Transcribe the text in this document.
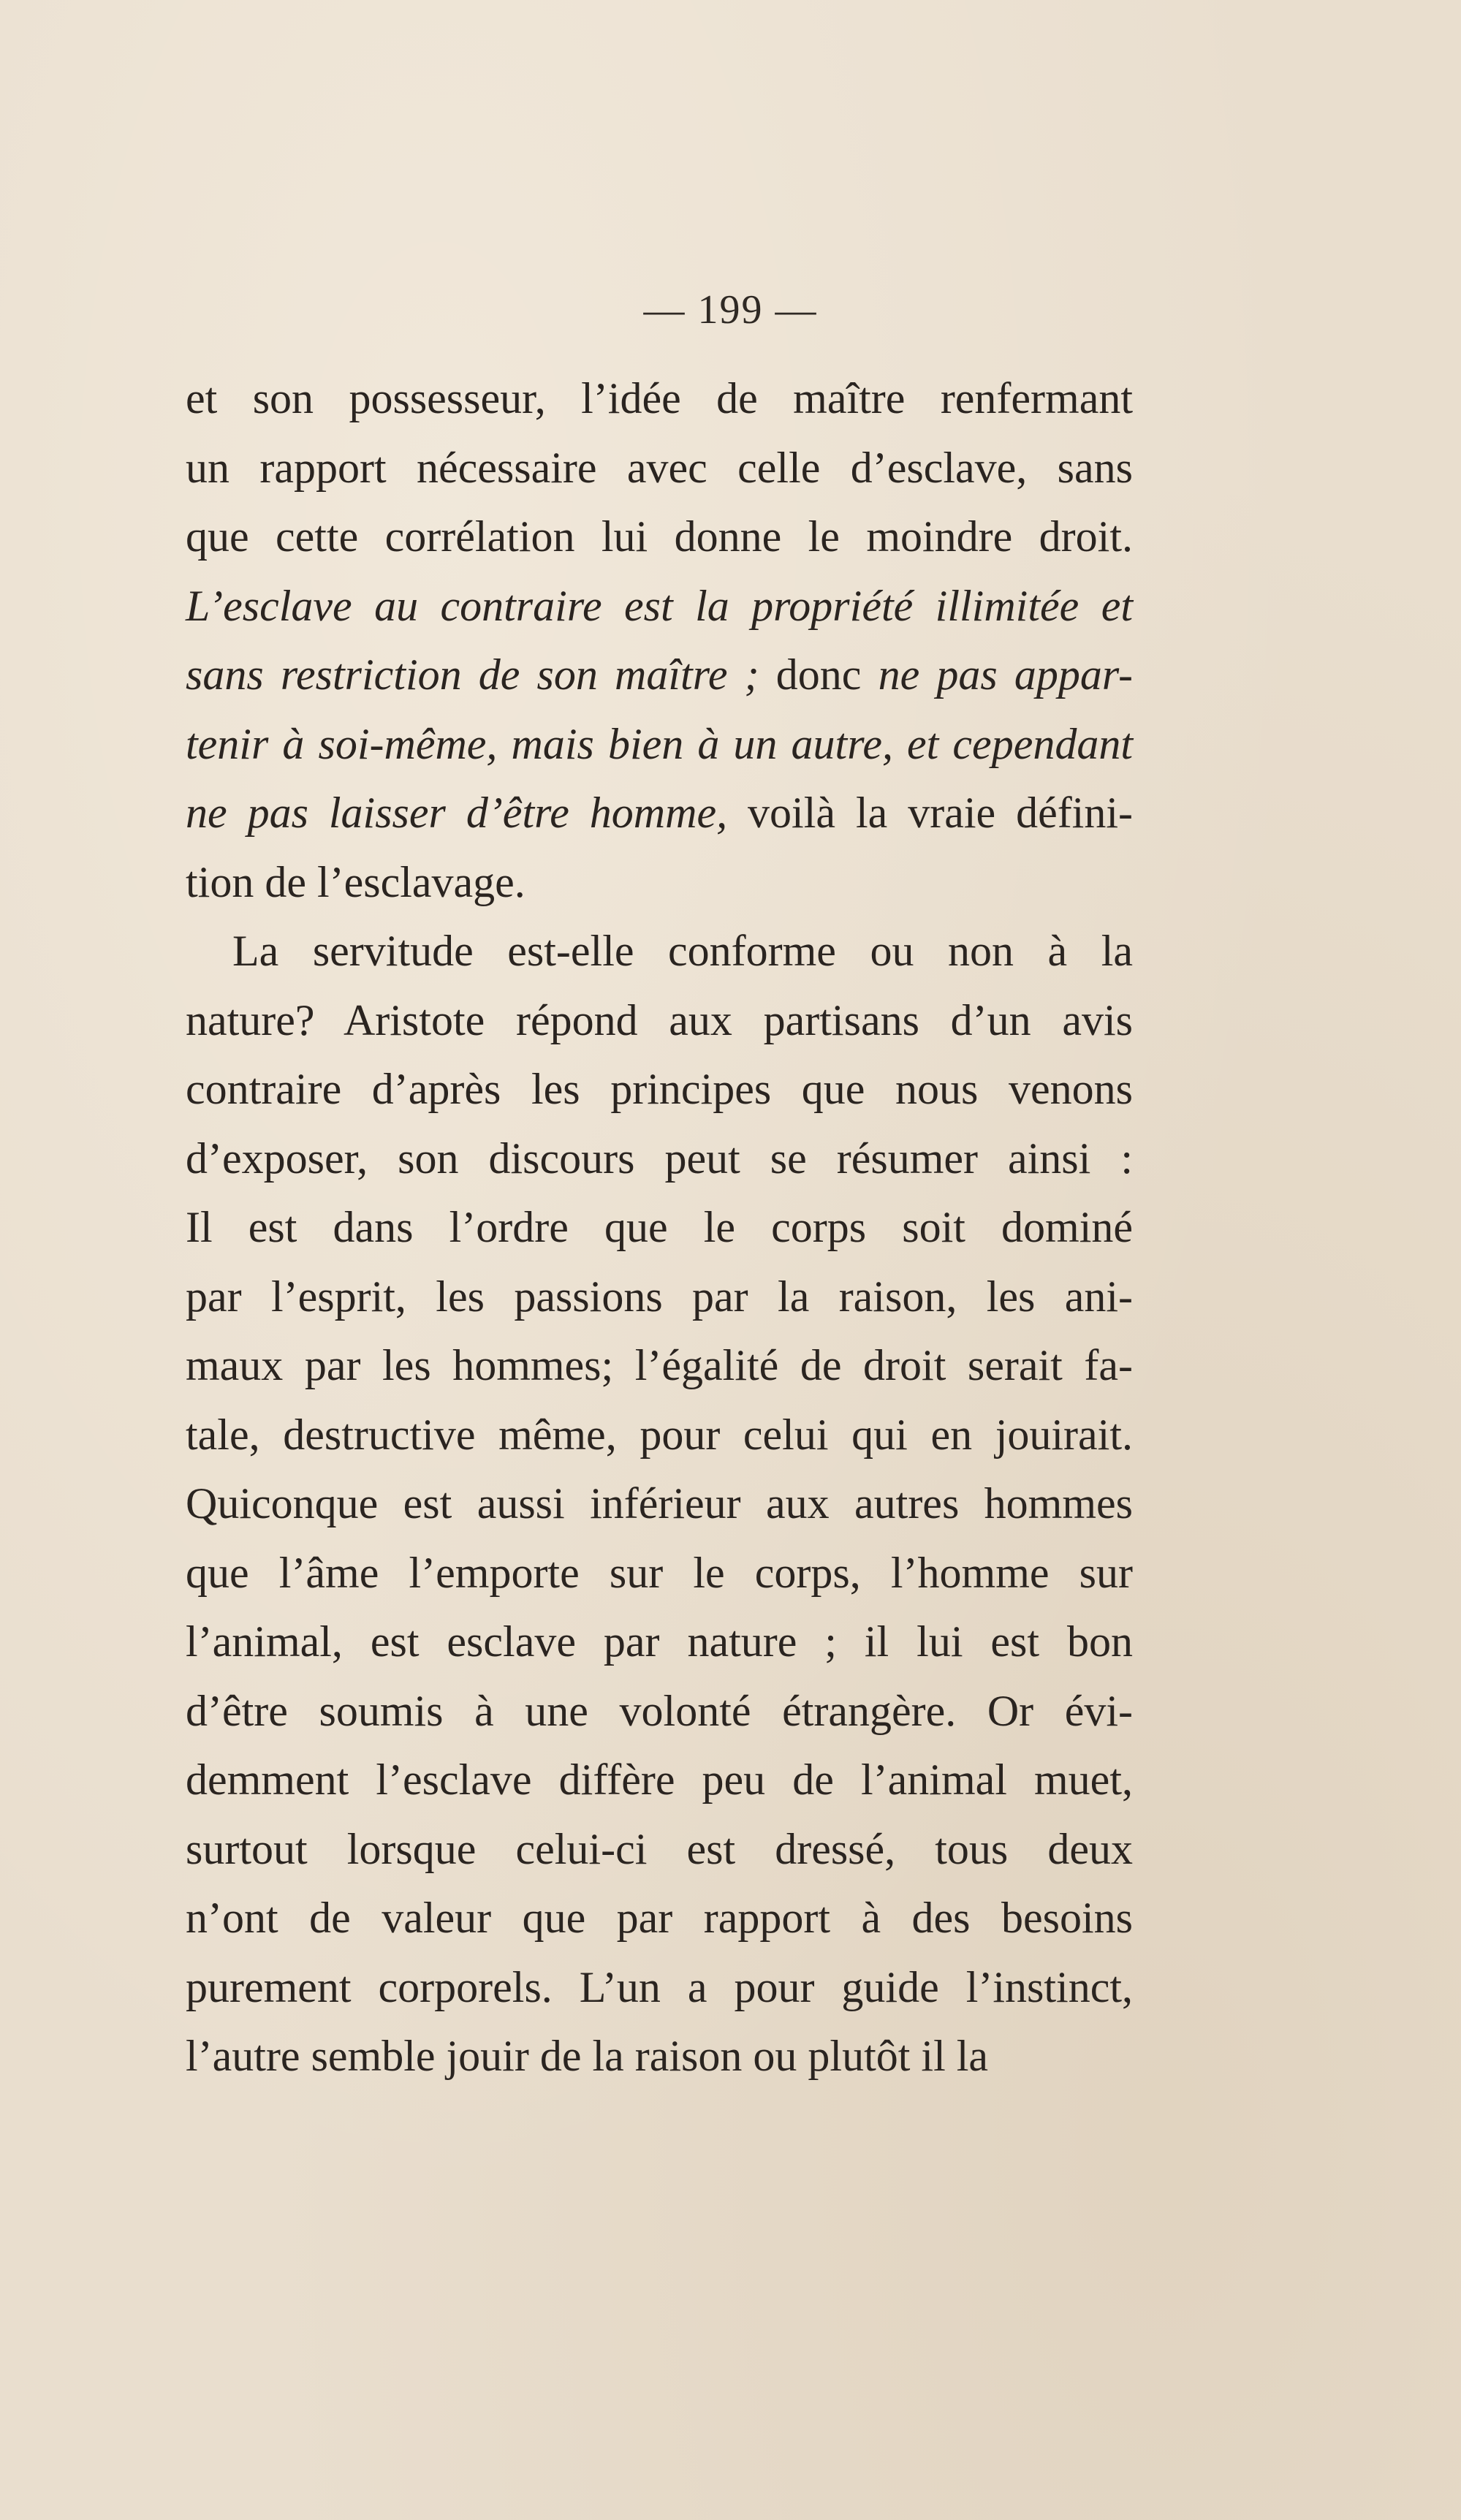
— 199 —
et son possesseur, l’idée de maître renfermant
un rapport nécessaire avec celle d’esclave, sans
que cette corrélation lui donne le moindre droit.
L’esclave au contraire est la propriété illimitée et
sans restriction de son maître ; donc ne pas appar-
tenir à soi-même, mais bien à un autre, et cependant
ne pas laisser d’être homme, voilà la vraie défini-
tion de l’esclavage.
La servitude est-elle conforme ou non à la
nature? Aristote répond aux partisans d’un avis
contraire d’après les principes que nous venons
d’exposer, son discours peut se résumer ainsi :
Il est dans l’ordre que le corps soit dominé
par l’esprit, les passions par la raison, les ani-
maux par les hommes; l’égalité de droit serait fa-
tale, destructive même, pour celui qui en jouirait.
Quiconque est aussi inférieur aux autres hommes
que l’âme l’emporte sur le corps, l’homme sur
l’animal, est esclave par nature ; il lui est bon
d’être soumis à une volonté étrangère. Or évi-
demment l’esclave diffère peu de l’animal muet,
surtout lorsque celui-ci est dressé, tous deux
n’ont de valeur que par rapport à des besoins
purement corporels. L’un a pour guide l’instinct,
l’autre semble jouir de la raison ou plutôt il la
